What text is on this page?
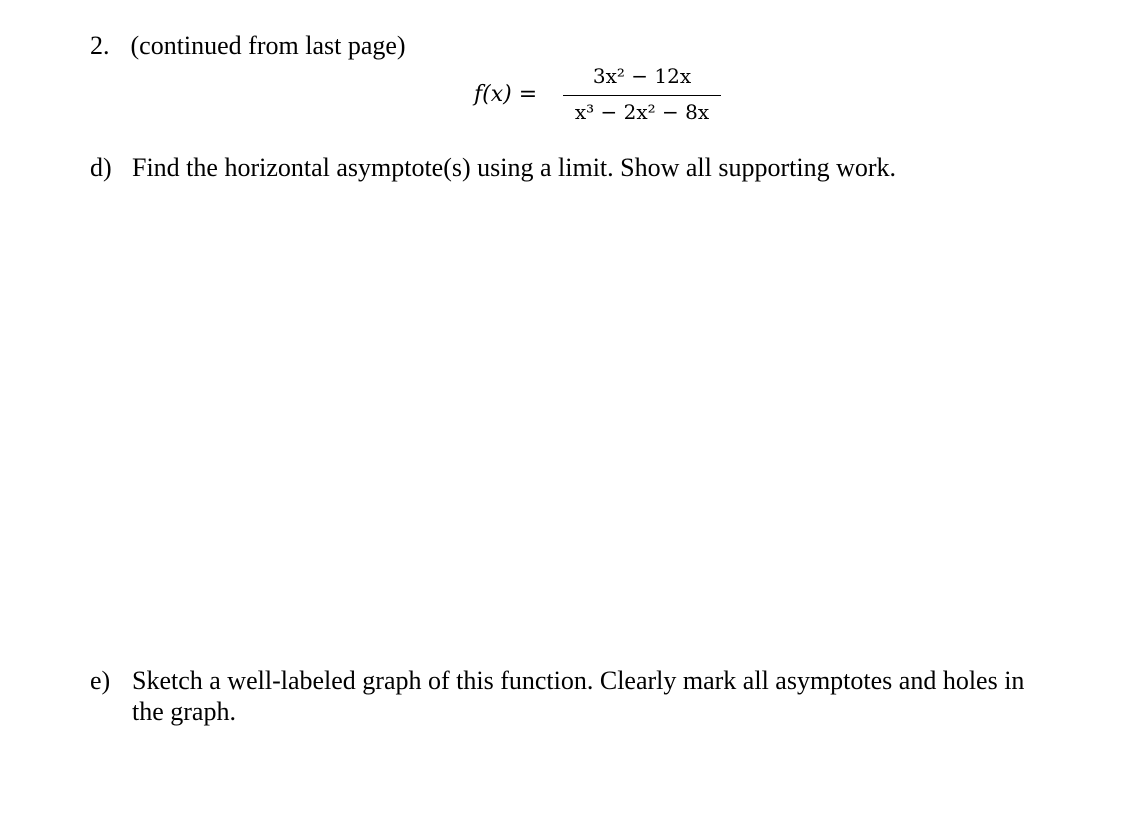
2. (continued from last page)
f(x) =
3x² − 12x
x³ − 2x² − 8x
d) Find the horizontal asymptote(s) using a limit. Show all supporting work.
e) Sketch a well-labeled graph of this function. Clearly mark all asymptotes and holes in the graph.
